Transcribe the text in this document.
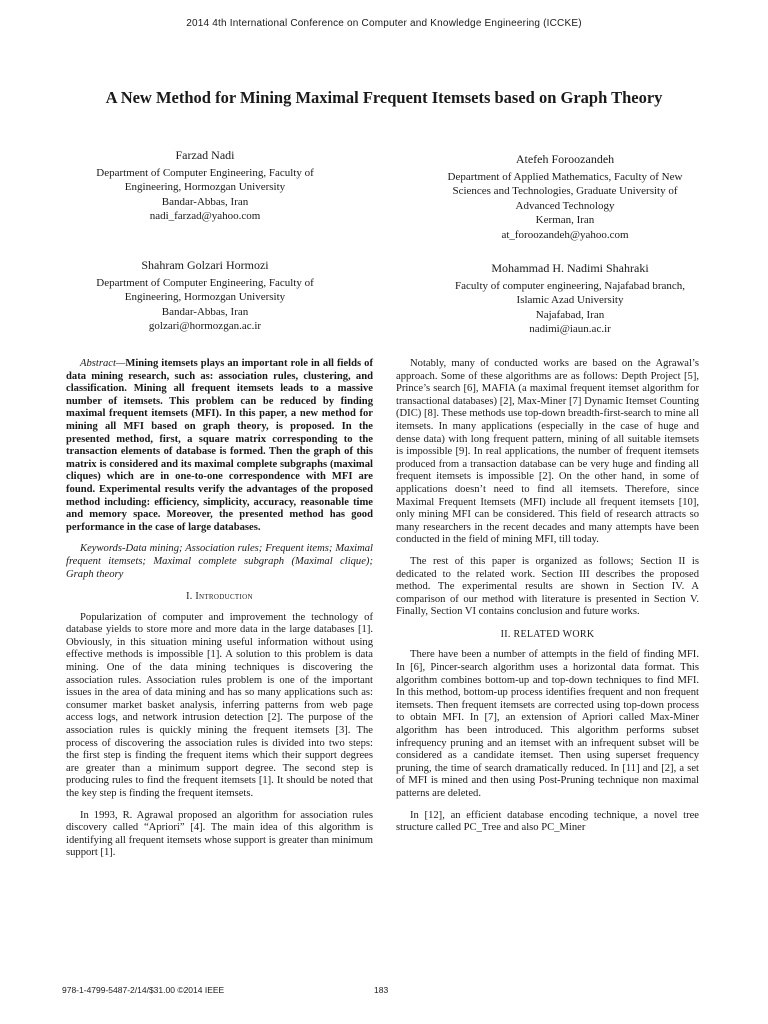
2014 4th International Conference on Computer and Knowledge Engineering (ICCKE)
A New Method for Mining Maximal Frequent Itemsets based on Graph Theory
Farzad Nadi
Department of Computer Engineering, Faculty of
Engineering, Hormozgan University
Bandar-Abbas, Iran
nadi_farzad@yahoo.com
Atefeh Foroozandeh
Department of Applied Mathematics, Faculty of New
Sciences and Technologies, Graduate University of
Advanced Technology
Kerman, Iran
at_foroozandeh@yahoo.com
Shahram Golzari Hormozi
Department of Computer Engineering, Faculty of
Engineering, Hormozgan University
Bandar-Abbas, Iran
golzari@hormozgan.ac.ir
Mohammad H. Nadimi Shahraki
Faculty of computer engineering, Najafabad branch,
Islamic Azad University
Najafabad, Iran
nadimi@iaun.ac.ir

Abstract—Mining itemsets plays an important role in all fields of data mining research, such as: association rules, clustering, and classification. Mining all frequent itemsets leads to a massive number of itemsets. This problem can be reduced by finding maximal frequent itemsets (MFI). In this paper, a new method for mining all MFI based on graph theory, is proposed. In the presented method, first, a square matrix corresponding to the transaction elements of database is formed. Then the graph of this matrix is considered and its maximal complete subgraphs (maximal cliques) which are in one-to-one correspondence with MFI are found. Experimental results verify the advantages of the proposed method including: efficiency, simplicity, accuracy, reasonable time and memory space. Moreover, the presented method has good performance in the case of large databases.

Keywords-Data mining; Association rules; Frequent items; Maximal frequent itemsets; Maximal complete subgraph (Maximal clique); Graph theory

I. Introduction

Popularization of computer and improvement the technology of database yields to store more and more data in the large databases [1]. Obviously, in this situation mining useful information without using effective methods is impossible [1]. A solution to this problem is data mining. One of the data mining techniques is discovering the association rules. Association rules problem is one of the important issues in the area of data mining and has so many applications such as: consumer market basket analysis, inferring patterns from web page access logs, and network intrusion detection [2]. The purpose of the association rules is quickly mining the frequent itemsets [3]. The process of discovering the association rules is divided into two steps: the first step is finding the frequent items which their support degrees are greater than a minimum support degree. The second step is producing rules to find the frequent itemsets [1]. It should be noted that the key step is finding the frequent itemsets.

In 1993, R. Agrawal proposed an algorithm for association rules discovery called “Apriori” [4]. The main idea of this algorithm is identifying all frequent itemsets whose support is greater than minimum support [1].

Notably, many of conducted works are based on the Agrawal’s approach. Some of these algorithms are as follows: Depth Project [5], Prince’s search [6], MAFIA (a maximal frequent itemset algorithm for transactional databases) [2], Max-Miner [7] Dynamic Itemset Counting (DIC) [8]. These methods use top-down breadth-first-search to mine all itemsets. In many applications (especially in the case of huge and dense data) with long frequent pattern, mining of all suitable itemsets is impossible [9]. In real applications, the number of frequent itemsets produced from a transaction database can be very huge and finding all frequent itemsets is impossible [2]. On the other hand, in some of applications doesn’t need to find all itemsets. Therefore, since Maximal Frequent Itemsets (MFI) include all frequent itemsets [10], only mining MFI can be considered. This field of research attracts so many researchers in the recent decades and many attempts have been conducted in the field of mining MFI, till today.

The rest of this paper is organized as follows; Section II is dedicated to the related work. Section III describes the proposed method. The experimental results are shown in Section IV. A comparison of our method with literature is presented in Section V. Finally, Section VI contains conclusion and future works.

II. RELATED WORK

There have been a number of attempts in the field of finding MFI. In [6], Pincer-search algorithm uses a horizontal data format. This algorithm combines bottom-up and top-down techniques to find MFI. In this method, bottom-up process identifies frequent and non frequent itemsets. Then frequent itemsets are corrected using top-down process to obtain MFI. In [7], an extension of Apriori called Max-Miner algorithm has been introduced. This algorithm performs subset infrequency pruning and an itemset with an infrequent subset will be considered as a candidate itemset. Then using superset frequency pruning, the time of search dramatically reduced. In [11] and [2], a set of MFI is mined and then using Post-Pruning technique non maximal patterns are deleted.

In [12], an efficient database encoding technique, a novel tree structure called PC_Tree and also PC_Miner

978-1-4799-5487-2/14/$31.00 ©2014 IEEE	183
